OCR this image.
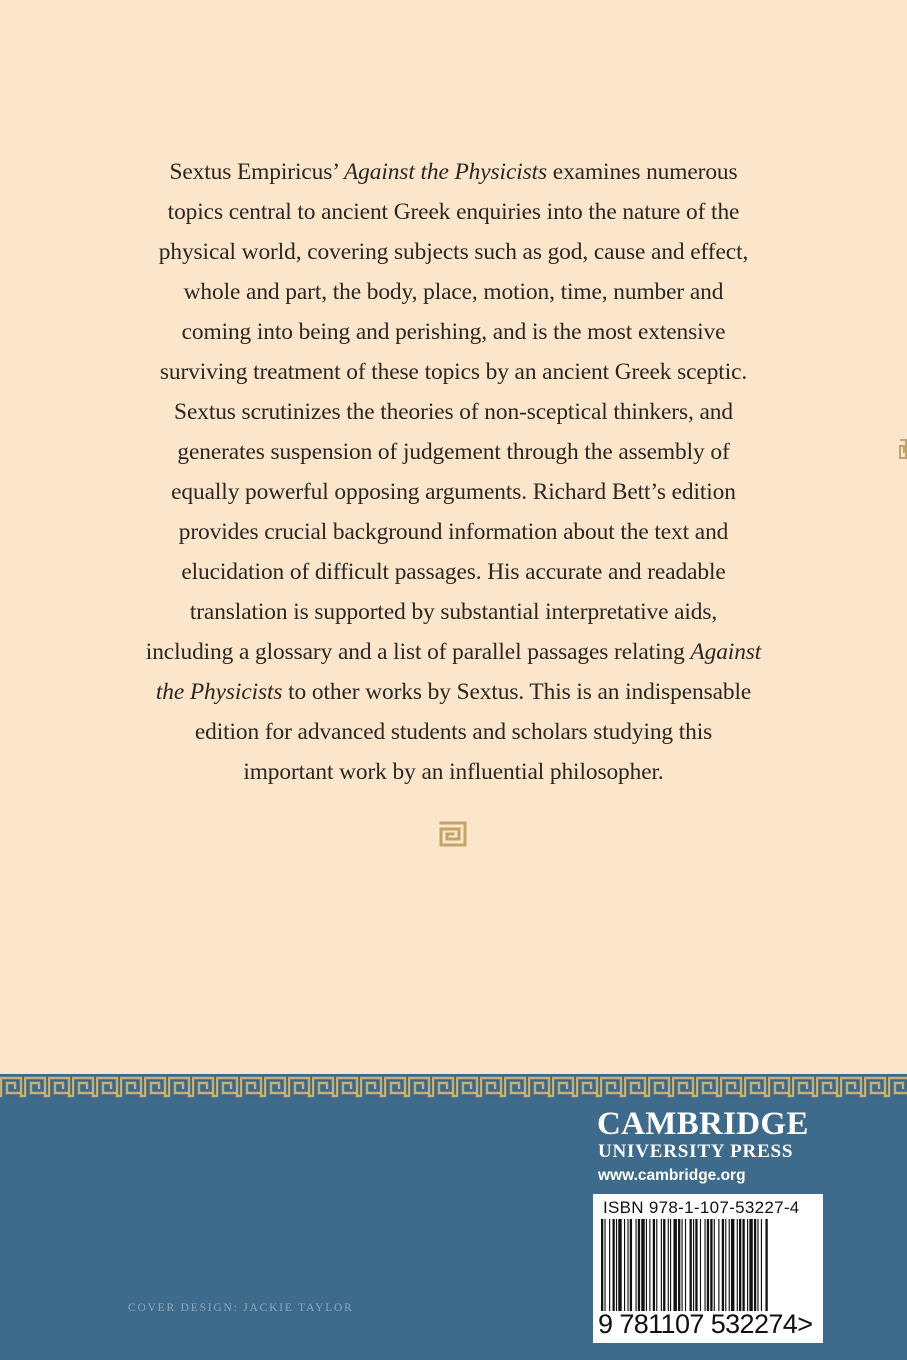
Sextus Empiricus’ Against the Physicists examines numerous
topics central to ancient Greek enquiries into the nature of the
physical world, covering subjects such as god, cause and effect,
whole and part, the body, place, motion, time, number and
coming into being and perishing, and is the most extensive
surviving treatment of these topics by an ancient Greek sceptic.
Sextus scrutinizes the theories of non-sceptical thinkers, and
generates suspension of judgement through the assembly of
equally powerful opposing arguments. Richard Bett’s edition
provides crucial background information about the text and
elucidation of difficult passages. His accurate and readable
translation is supported by substantial interpretative aids,
including a glossary and a list of parallel passages relating Against
the Physicists to other works by Sextus. This is an indispensable
edition for advanced students and scholars studying this
important work by an influential philosopher.
CAMBRIDGE
UNIVERSITY PRESS
www.cambridge.org
ISBN 978-1-107-53227-4
9 781107 532274>
COVER DESIGN: JACKIE TAYLOR
